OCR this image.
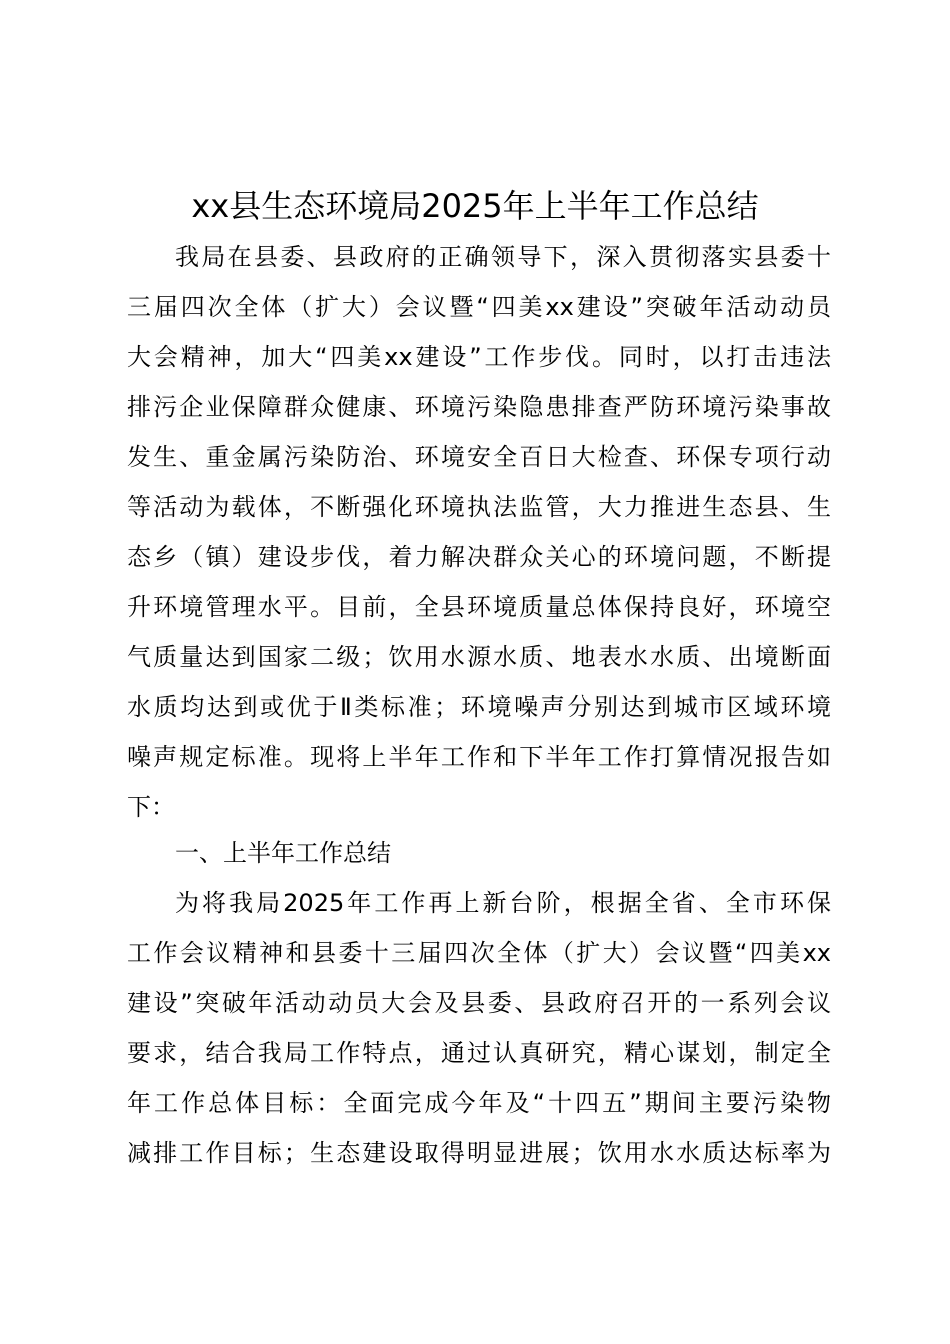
xx县生态环境局2025年上半年工作总结
我局在县委、县政府的正确领导下，深入贯彻落实县委十
三届四次全体（扩大）会议暨“四美xx建设”突破年活动动员
大会精神，加大“四美xx建设”工作步伐。同时，以打击违法
排污企业保障群众健康、环境污染隐患排查严防环境污染事故
发生、重金属污染防治、环境安全百日大检查、环保专项行动
等活动为载体，不断强化环境执法监管，大力推进生态县、生
态乡（镇）建设步伐，着力解决群众关心的环境问题，不断提
升环境管理水平。目前，全县环境质量总体保持良好，环境空
气质量达到国家二级；饮用水源水质、地表水水质、出境断面
水质均达到或优于Ⅱ类标准；环境噪声分别达到城市区域环境
噪声规定标准。现将上半年工作和下半年工作打算情况报告如
下：
一、上半年工作总结
为将我局2025年工作再上新台阶，根据全省、全市环保
工作会议精神和县委十三届四次全体（扩大）会议暨“四美xx
建设”突破年活动动员大会及县委、县政府召开的一系列会议
要求，结合我局工作特点，通过认真研究，精心谋划，制定全
年工作总体目标：全面完成今年及“十四五”期间主要污染物
减排工作目标；生态建设取得明显进展；饮用水水质达标率为
